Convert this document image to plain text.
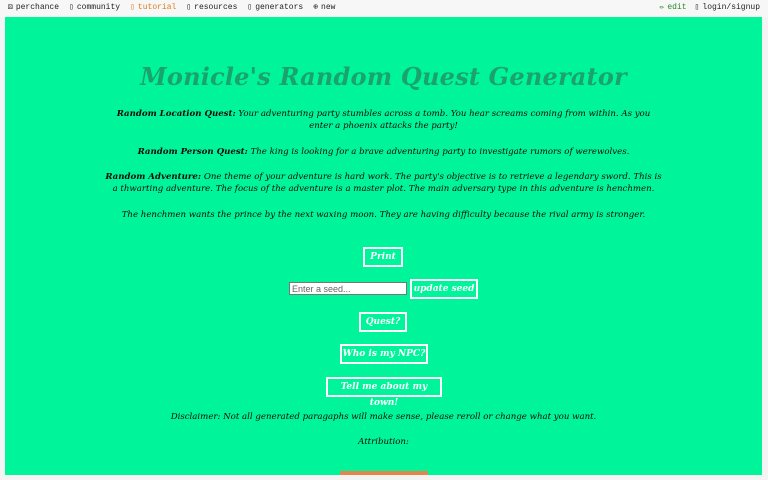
⚄ perchance ▯ community ▯ tutorial ▯ resources ▯ generators ⊕ new	✏ edit ▯ login/signup
Monicle's Random Quest Generator
Random Location Quest: Your adventuring party stumbles across a tomb. You hear screams coming from within. As you enter a phoenix attacks the party!
Random Person Quest: The king is looking for a brave adventuring party to investigate rumors of werewolves.
Random Adventure: One theme of your adventure is hard work. The party's objective is to retrieve a legendary sword. This is a thwarting adventure. The focus of the adventure is a master plot. The main adversary type in this adventure is henchmen.
The henchmen wants the prince by the next waxing moon. They are having difficulty because the rival army is stronger.
Print
Enter a seed...
update seed
Quest?
Who is my NPC?
Tell me about my town!
Disclaimer: Not all generated paragaphs will make sense, please reroll or change what you want.
Attribution:
